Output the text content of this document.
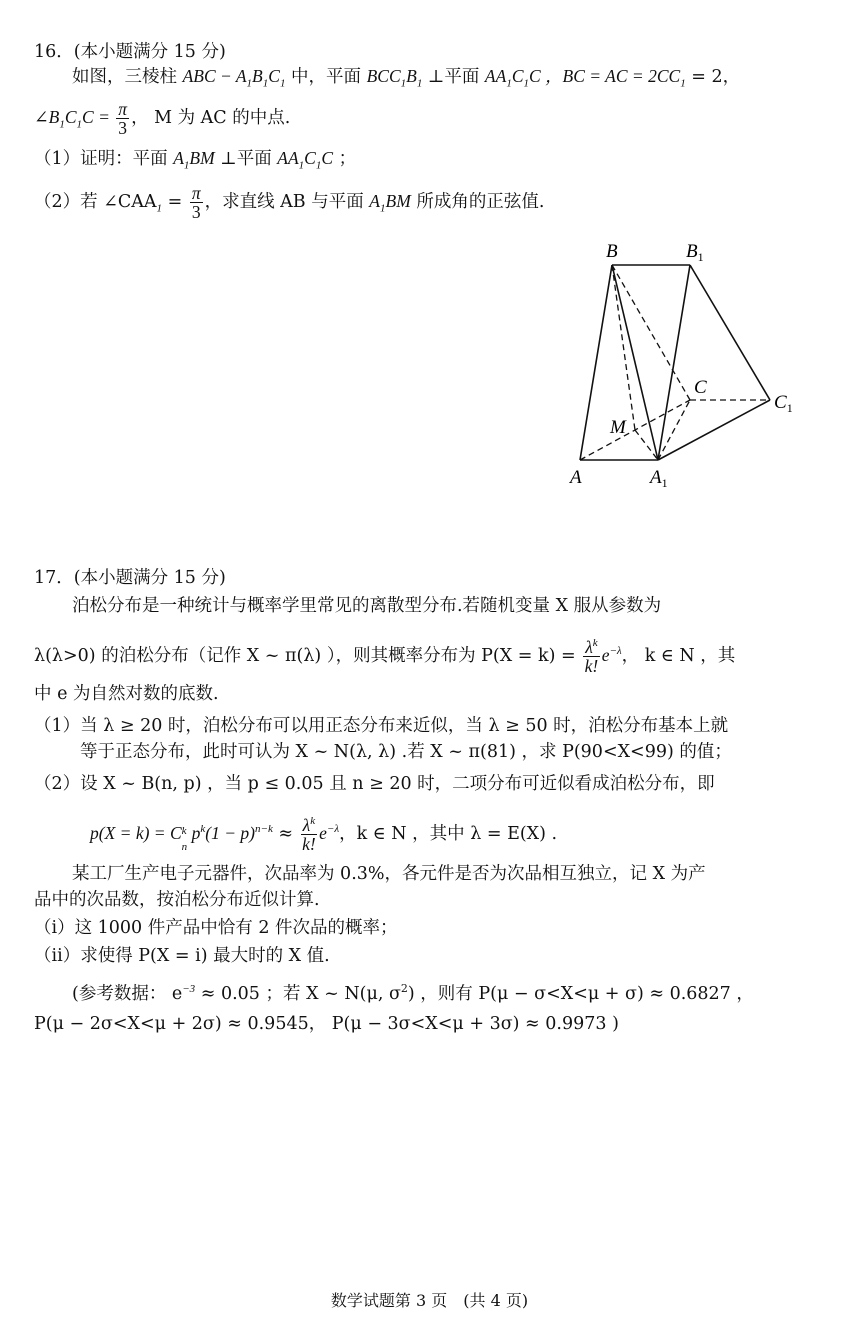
16．(本小题满分 15 分)
如图，三棱柱 ABC − $A_1B_1C_1$ 中，平面 $BCC_1B_1$ ⊥平面 $AA_1C_1C$ ，BC = AC = $2CC_1 = 2$，
$\angle B_1C_1C = \frac{\pi}{3}$ ， M 为 AC 的中点.
（1）证明：平面 $A_1BM$ ⊥平面 $AA_1C_1C$ ；
（2）若 $\angle CAA_1 = \frac{\pi}{3}$ ，求直线 AB 与平面 $A_1BM$ 所成角的正弦值.
B	$B_1$
C
$C_1$
M
A	$A_1$
17．(本小题满分 15 分)
泊松分布是一种统计与概率学里常见的离散型分布.若随机变量 X 服从参数为
λ(λ>0) 的泊松分布（记作 X ~ π(λ) ），则其概率分布为 $P(X = k) = \frac{\lambda^k}{k!} e^{-\lambda}$， k ∈ N ，其
中 e 为自然对数的底数.
（1）当 λ ≥ 20 时，泊松分布可以用正态分布来近似，当 λ ≥ 50 时，泊松分布基本上就
等于正态分布，此时可认为 X ~ N(λ, λ) .若 X ~ π(81) ，求 P(90<X<99) 的值；
（2）设 X ~ B(n, p) ，当 p ≤ 0.05 且 n ≥ 20 时，二项分布可近似看成泊松分布，即
p(X = k) = C k
n
$p^k(1 - p)^{n-k} \approx \frac{\lambda^k}{k!} e^{-\lambda}$，k ∈ N ，其中 λ = E(X) .
某工厂生产电子元器件，次品率为 0.3%，各元件是否为次品相互独立，记 X 为产
品中的次品数，按泊松分布近似计算.
（i）这 1000 件产品中恰有 2 件次品的概率；
（ii）求使得 P(X = i) 最大时的 X 值.
(参考数据： $e^{-3} \approx 0.05$ ；若 X ~ N(μ, $\sigma^2$) ，则有 P(μ − σ<X<μ + σ) ≈ 0.6827 ，
P(μ − 2σ<X<μ + 2σ) ≈ 0.9545， P(μ − 3σ<X<μ + 3σ) ≈ 0.9973 )
数学试题第 3 页　(共 4 页)
